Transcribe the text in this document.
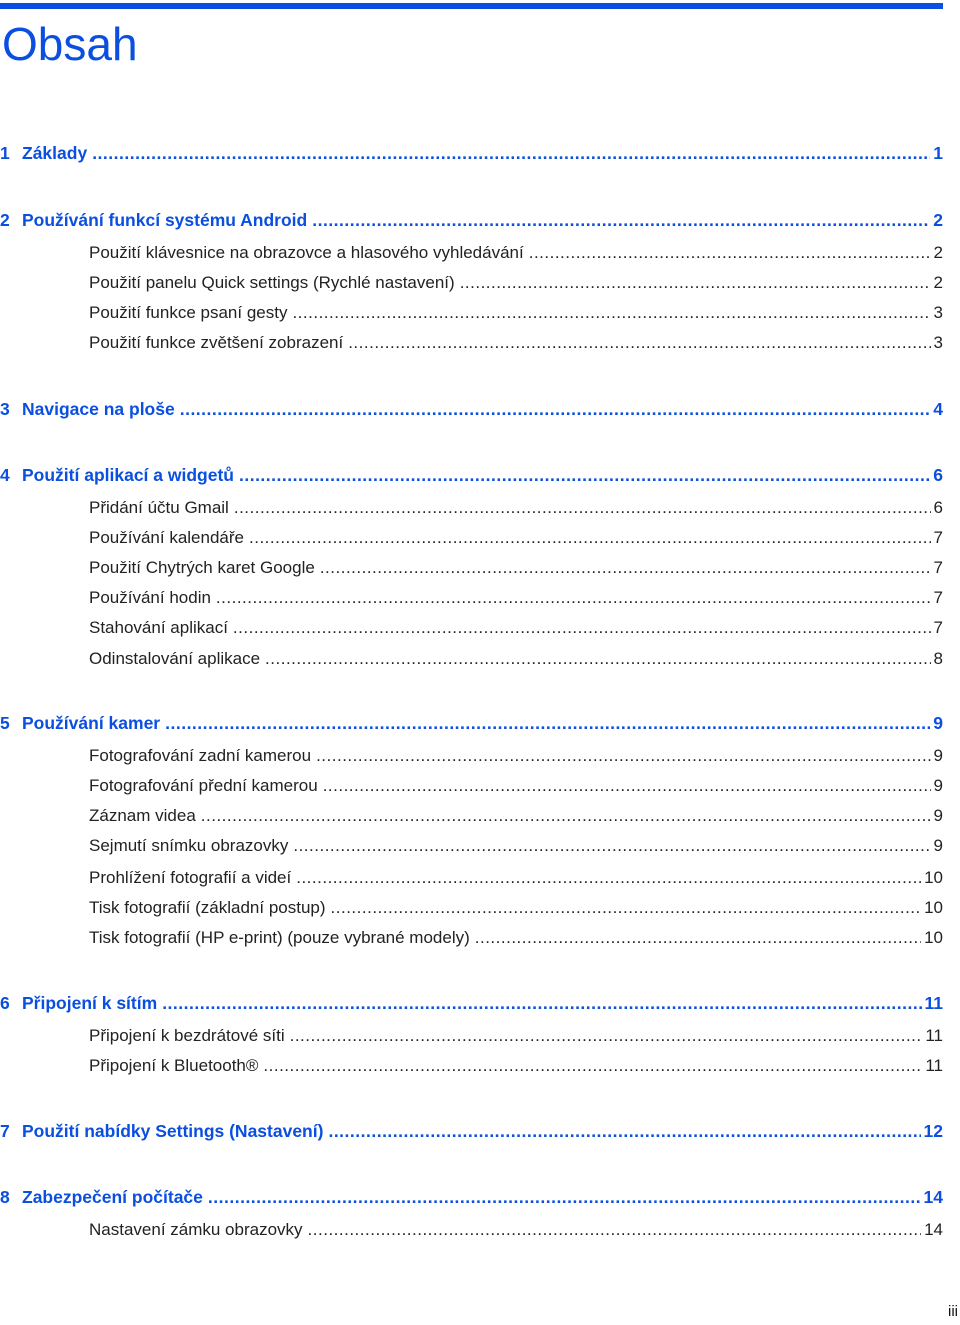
Obsah
1 Základy .....	1
2 Používání funkcí systému Android .....	2
Použití klávesnice na obrazovce a hlasového vyhledávání .....	2
Použití panelu Quick settings (Rychlé nastavení) .....	2
Použití funkce psaní gesty .....	3
Použití funkce zvětšení zobrazení .....	3
3 Navigace na ploše .....	4
4 Použití aplikací a widgetů .....	6
Přidání účtu Gmail .....	6
Používání kalendáře .....	7
Použití Chytrých karet Google .....	7
Používání hodin .....	7
Stahování aplikací .....	7
Odinstalování aplikace .....	8
5 Používání kamer .....	9
Fotografování zadní kamerou .....	9
Fotografování přední kamerou .....	9
Záznam videa .....	9
Sejmutí snímku obrazovky .....	9
Prohlížení fotografií a videí .....	10
Tisk fotografií (základní postup) .....	10
Tisk fotografií (HP e-print) (pouze vybrané modely) .....	10
6 Připojení k sítím .....	11
Připojení k bezdrátové síti .....	11
Připojení k Bluetooth® .....	11
7 Použití nabídky Settings (Nastavení) .....	12
8 Zabezpečení počítače .....	14
Nastavení zámku obrazovky .....	14
iii
